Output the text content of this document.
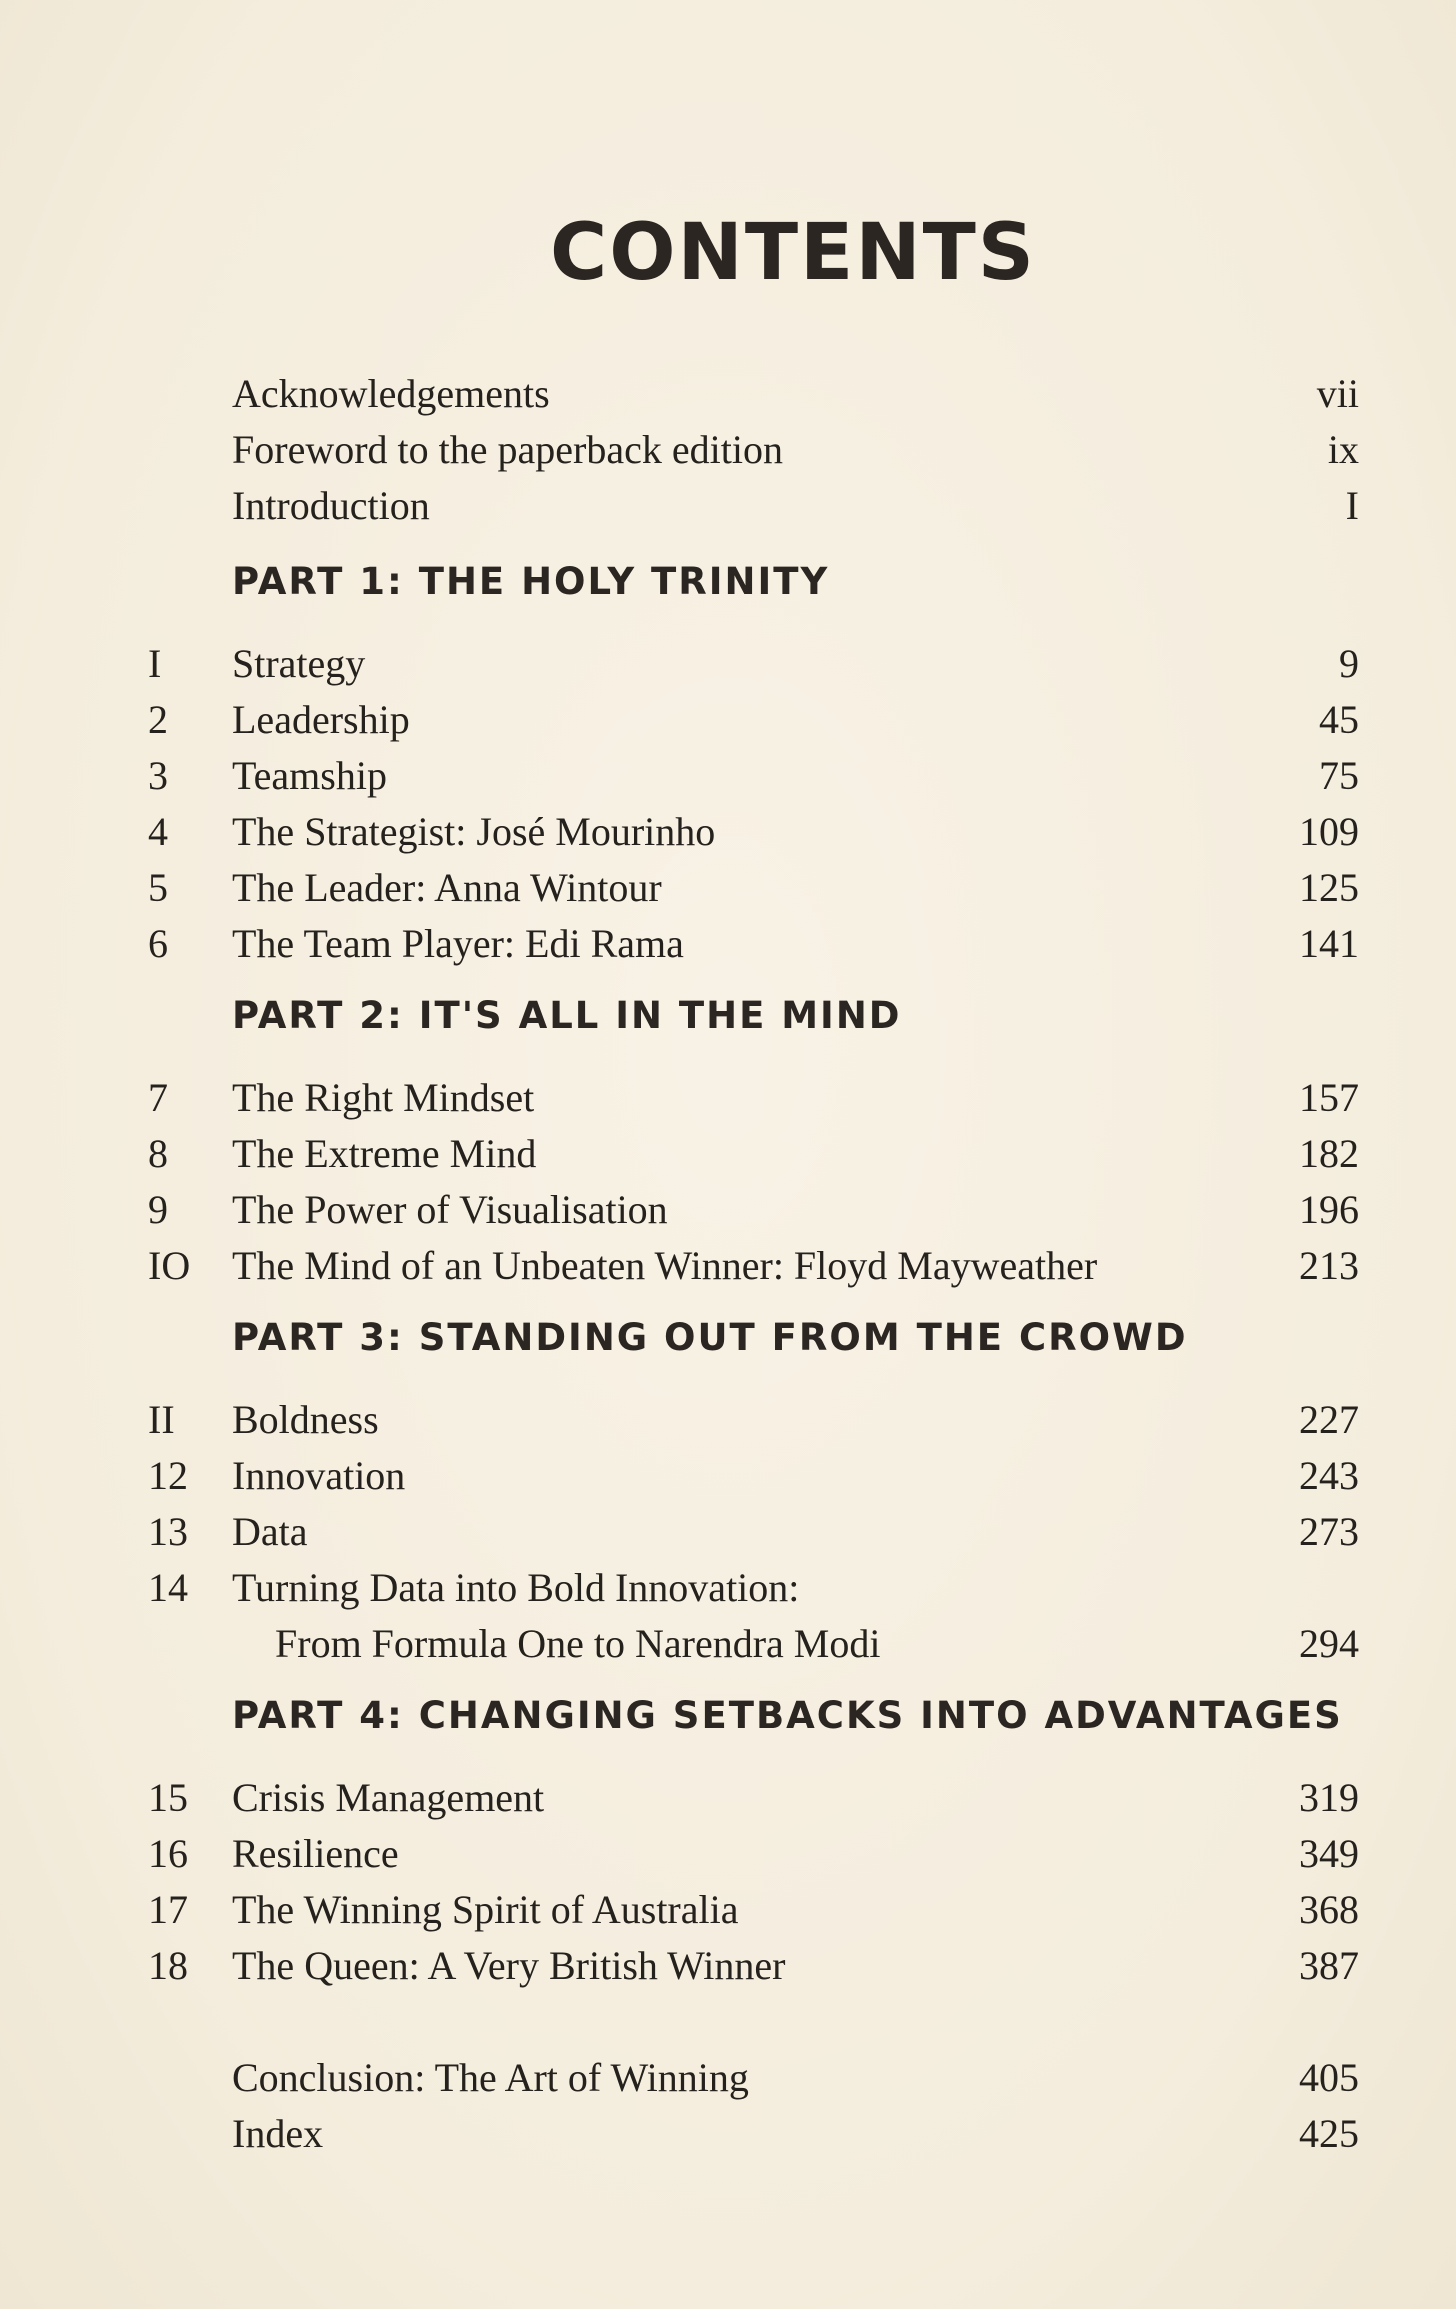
CONTENTS
Acknowledgements	vii
Foreword to the paperback edition	ix
Introduction	I
PART 1: THE HOLY TRINITY
I Strategy	9
2 Leadership	45
3 Teamship	75
4 The Strategist: José Mourinho	109
5 The Leader: Anna Wintour	125
6 The Team Player: Edi Rama	141
PART 2: IT'S ALL IN THE MIND
7 The Right Mindset	157
8 The Extreme Mind	182
9 The Power of Visualisation	196
IO The Mind of an Unbeaten Winner: Floyd Mayweather	213
PART 3: STANDING OUT FROM THE CROWD
II Boldness	227
12 Innovation	243
13 Data	273
14 Turning Data into Bold Innovation:
From Formula One to Narendra Modi	294
PART 4: CHANGING SETBACKS INTO ADVANTAGES
15 Crisis Management	319
16 Resilience	349
17 The Winning Spirit of Australia	368
18 The Queen: A Very British Winner	387
Conclusion: The Art of Winning	405
Index	425
